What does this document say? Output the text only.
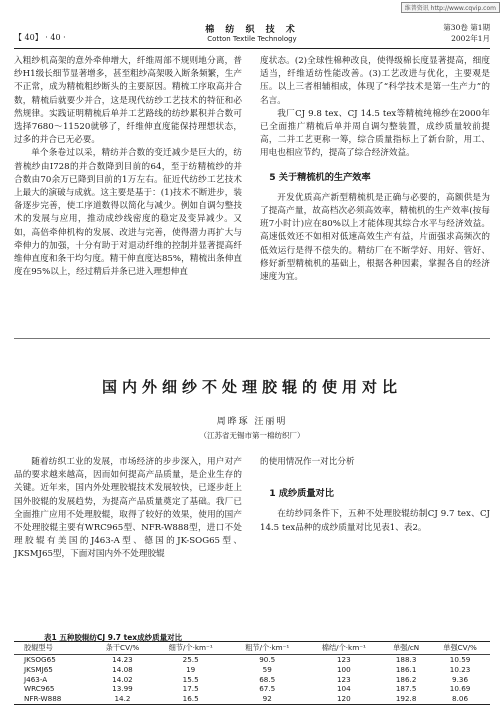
维普资讯 http://www.cqvip.com
【 40】 · 40 ·
棉 纺 织 技 术
Cotton Textile Technology
第30卷 第1期
2002年1月

入粗纱机高架的意外牵伸增大，纤维周部不规则地分离，普纱H1级长细节显著增多，甚至粗纱高架吸入断条频繁，生产不正常，成为精梳粗纱断头的主要原因。精梳工序取高并合数，精梳后就要少并合，这是现代纺纱工艺技术的特征和必然规律。实践证明精梳后单并工艺路线的纺纱累积并合数可选择7680～11520就够了，纤维伸直度能保持理想状态，过多的并合已无必要。

单个条卷过以采，精纺并合数的变迁减少是巨大的，纺普梳纱由I728的并合数降到目前的64，至于纺精梳纱的并合数由70余万已降到目前的1万左右。征近代纺纱工艺技术上最大的演破与成就。这主要是基于：(1)技术不断进步，装备逐步完善，使工序道数得以简化与减少。例如自调匀整技术的发展与应用，推动成纱线密度的稳定及变异减少。又如，高倍牵伸机构的发展、改进与完善，使得潜力再扩大与牵伸力的加强，十分有助于对退动纤维的控制并显著提高纤维伸直度和条干均匀度。精干伸直度达85%，精梳出条伸直度在95%以上，经过精后并条已进入理想伸直

度状态。(2)全球性棉种改良，使得级棉长度显著提高，细度适当，纤维适纺性能改善。(3)工艺改进与优化，主要观是压。以上三者相辅相成，体现了“科学技术是第一生产力”的名言。

我厂CJ 9.8 tex、CJ 14.5 tex等精梳纯棉纱在2000年已全面推广精梳后单并周自调匀整装置，成纱质量较前提高，二并工艺更称一筹，综合质量指标上了新台阶，用工、用电也相应节约，提高了综合经济效益。

5 关于精梳机的生产效率

开发优质高产新型精梳机是正确与必要的，高额供是为了提高产量，故高档次必须高效率，精梳机的生产效率(按每班7小时计)应在80%以上才能体现其综合水平与经济效益。高速低效还不如相对低速高效生产有益，片面强求高频次的低效运行是得不偿失的。精纺厂在不断学好、用好、管好、修好新型精梳机的基础上，根据各种因素，掌握各自的经济速度为宜。

国内外细纱不处理胶辊的使用对比
周晔琢 汪丽明
（江苏省无锡市第一棉纺织厂）

随着纺织工业的发展，市场经济的步步深入，用户对产品的要求越来越高，因而如何提高产品质量，是企业生存的关键。近年来，国内外处理胶辊技术发展较快，已逐步赶上国外胶辊的发展趋势，为提高产品质量奠定了基础。我厂已全面推广应用不处理胶辊，取得了较好的效果，使用的国产不处理胶辊主要有WRC965型、NFR-W888型，进口不处理胶辊有美国的J463-A型、德国的JK-SOG65型、JKSMJ65型，下面对国内外不处理胶辊

的使用情况作一对比分析

1 成纱质量对比

在纺纱同条件下，五种不处理胶辊纺制CJ 9.7 tex、CJ 14.5 tex品种的成纱质量对比见表1、表2。

表1 五种胶辊纺CJ 9.7 tex成纱质量对比
胶辊型号	条干CV/%	细节/个·km⁻¹	粗节/个·km⁻¹	棉结/个·km⁻¹	单强/cN	单强CV/%
JKSOG65	14.23	25.5	90.5	123	188.3	10.59
JKSMJ65	14.08	19	59	100	186.1	10.23
J463-A	14.02	15.5	68.5	123	186.2	9.36
WRC965	13.99	17.5	67.5	104	187.5	10.69
NFR-W888	14.2	16.5	92	120	192.8	8.06
